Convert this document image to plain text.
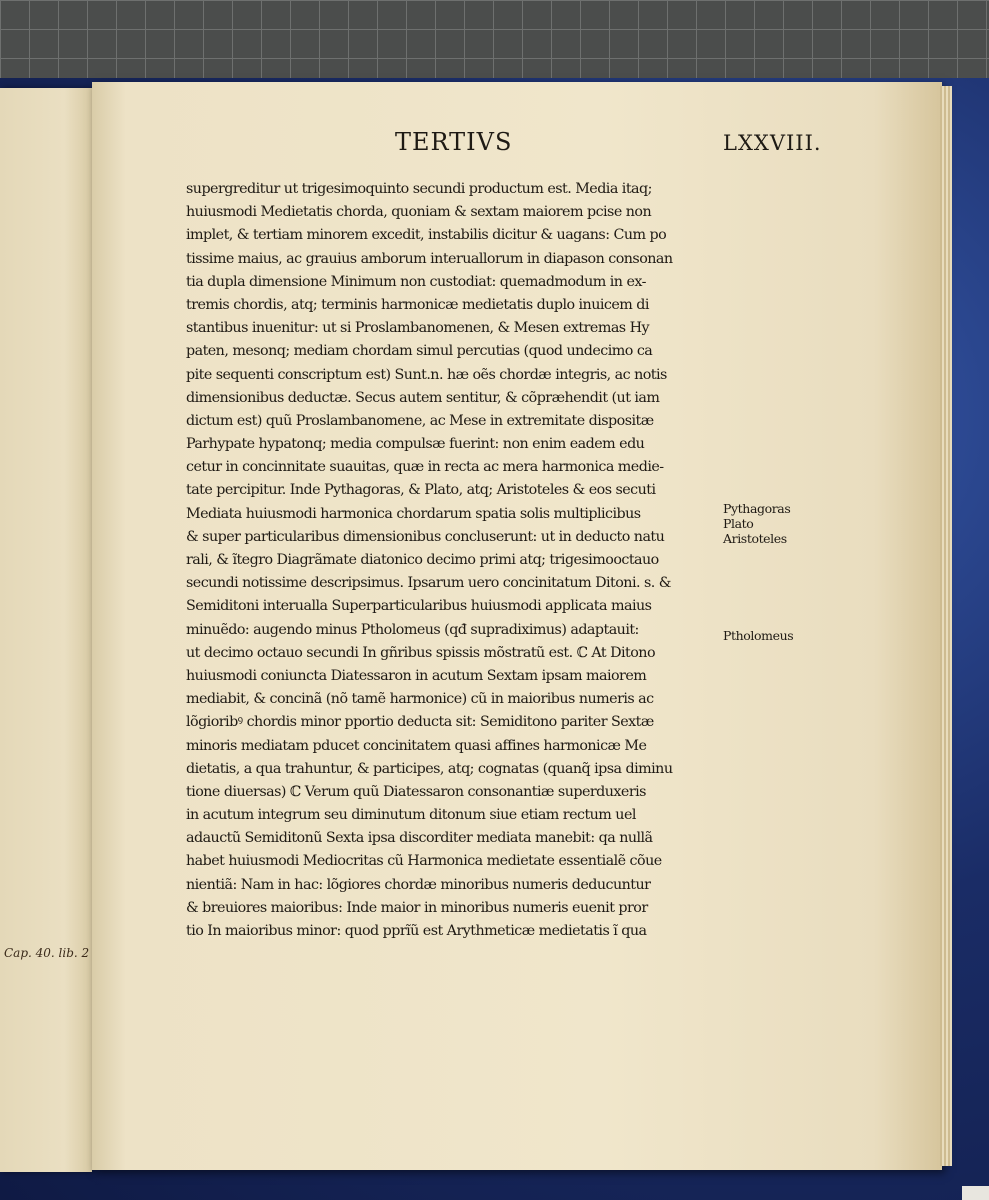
Cap. 40. lib. 2
TERTIVS	LXXVIII.
supergreditur ut trigesimoquinto secundi productum est. Media itaq;
huiusmodi Medietatis chorda, quoniam & sextam maiorem pcise non
implet, & tertiam minorem excedit, instabilis dicitur & uagans: Cum po
tissime maius, ac grauius amborum interuallorum in diapason consonan
tia dupla dimensione Minimum non custodiat: quemadmodum in ex-
tremis chordis, atq; terminis harmonicæ medietatis duplo inuicem di
stantibus inuenitur: ut si Proslambanomenen, & Mesen extremas Hy
paten, mesonq; mediam chordam simul percutias (quod undecimo ca
pite sequenti conscriptum est) Sunt.n. hæ oẽs chordæ integris, ac notis
dimensionibus deductæ. Secus autem sentitur, & cõpræhendit (ut iam
dictum est) quũ Proslambanomene, ac Mese in extremitate dispositæ
Parhypate hypatonq; media compulsæ fuerint: non enim eadem edu
cetur in concinnitate suauitas, quæ in recta ac mera harmonica medie-
tate percipitur. Inde Pythagoras, & Plato, atq; Aristoteles & eos secuti
Mediata huiusmodi harmonica chordarum spatia solis multiplicibus
& super particularibus dimensionibus concluserunt: ut in deducto natu
rali, & ĩtegro Diagrãmate diatonico decimo primi atq; trigesimooctauo
secundi notissime descripsimus. Ipsarum uero concinitatum Ditoni. s. &
Semiditoni interualla Superparticularibus huiusmodi applicata maius
minuẽdo: augendo minus Ptholomeus (qđ supradiximus) adaptauit:
ut decimo octauo secundi In gñribus spissis mõstratũ est. ℂ At Ditono
huiusmodi coniuncta Diatessaron in acutum Sextam ipsam maiorem
mediabit, & concinã (nõ tamẽ harmonice) cũ in maioribus numeris ac
lõgioribꝰ chordis minor pportio deducta sit: Semiditono pariter Sextæ
minoris mediatam pducet concinitatem quasi affines harmonicæ Me
dietatis, a qua trahuntur, & participes, atq; cognatas (quanq̃ ipsa diminu
tione diuersas) ℂ Verum quũ Diatessaron consonantiæ superduxeris
in acutum integrum seu diminutum ditonum siue etiam rectum uel
adauctũ Semiditonũ Sexta ipsa discorditer mediata manebit: qa nullã
habet huiusmodi Mediocritas cũ Harmonica medietate essentialẽ cõue
nientiã: Nam in hac: lõgiores chordæ minoribus numeris deducuntur
& breuiores maioribus: Inde maior in minoribus numeris euenit pror
tio In maioribus minor: quod pprĩũ est Arythmeticæ medietatis ĩ qua
Pythagoras
Plato
Aristoteles
Ptholomeus
